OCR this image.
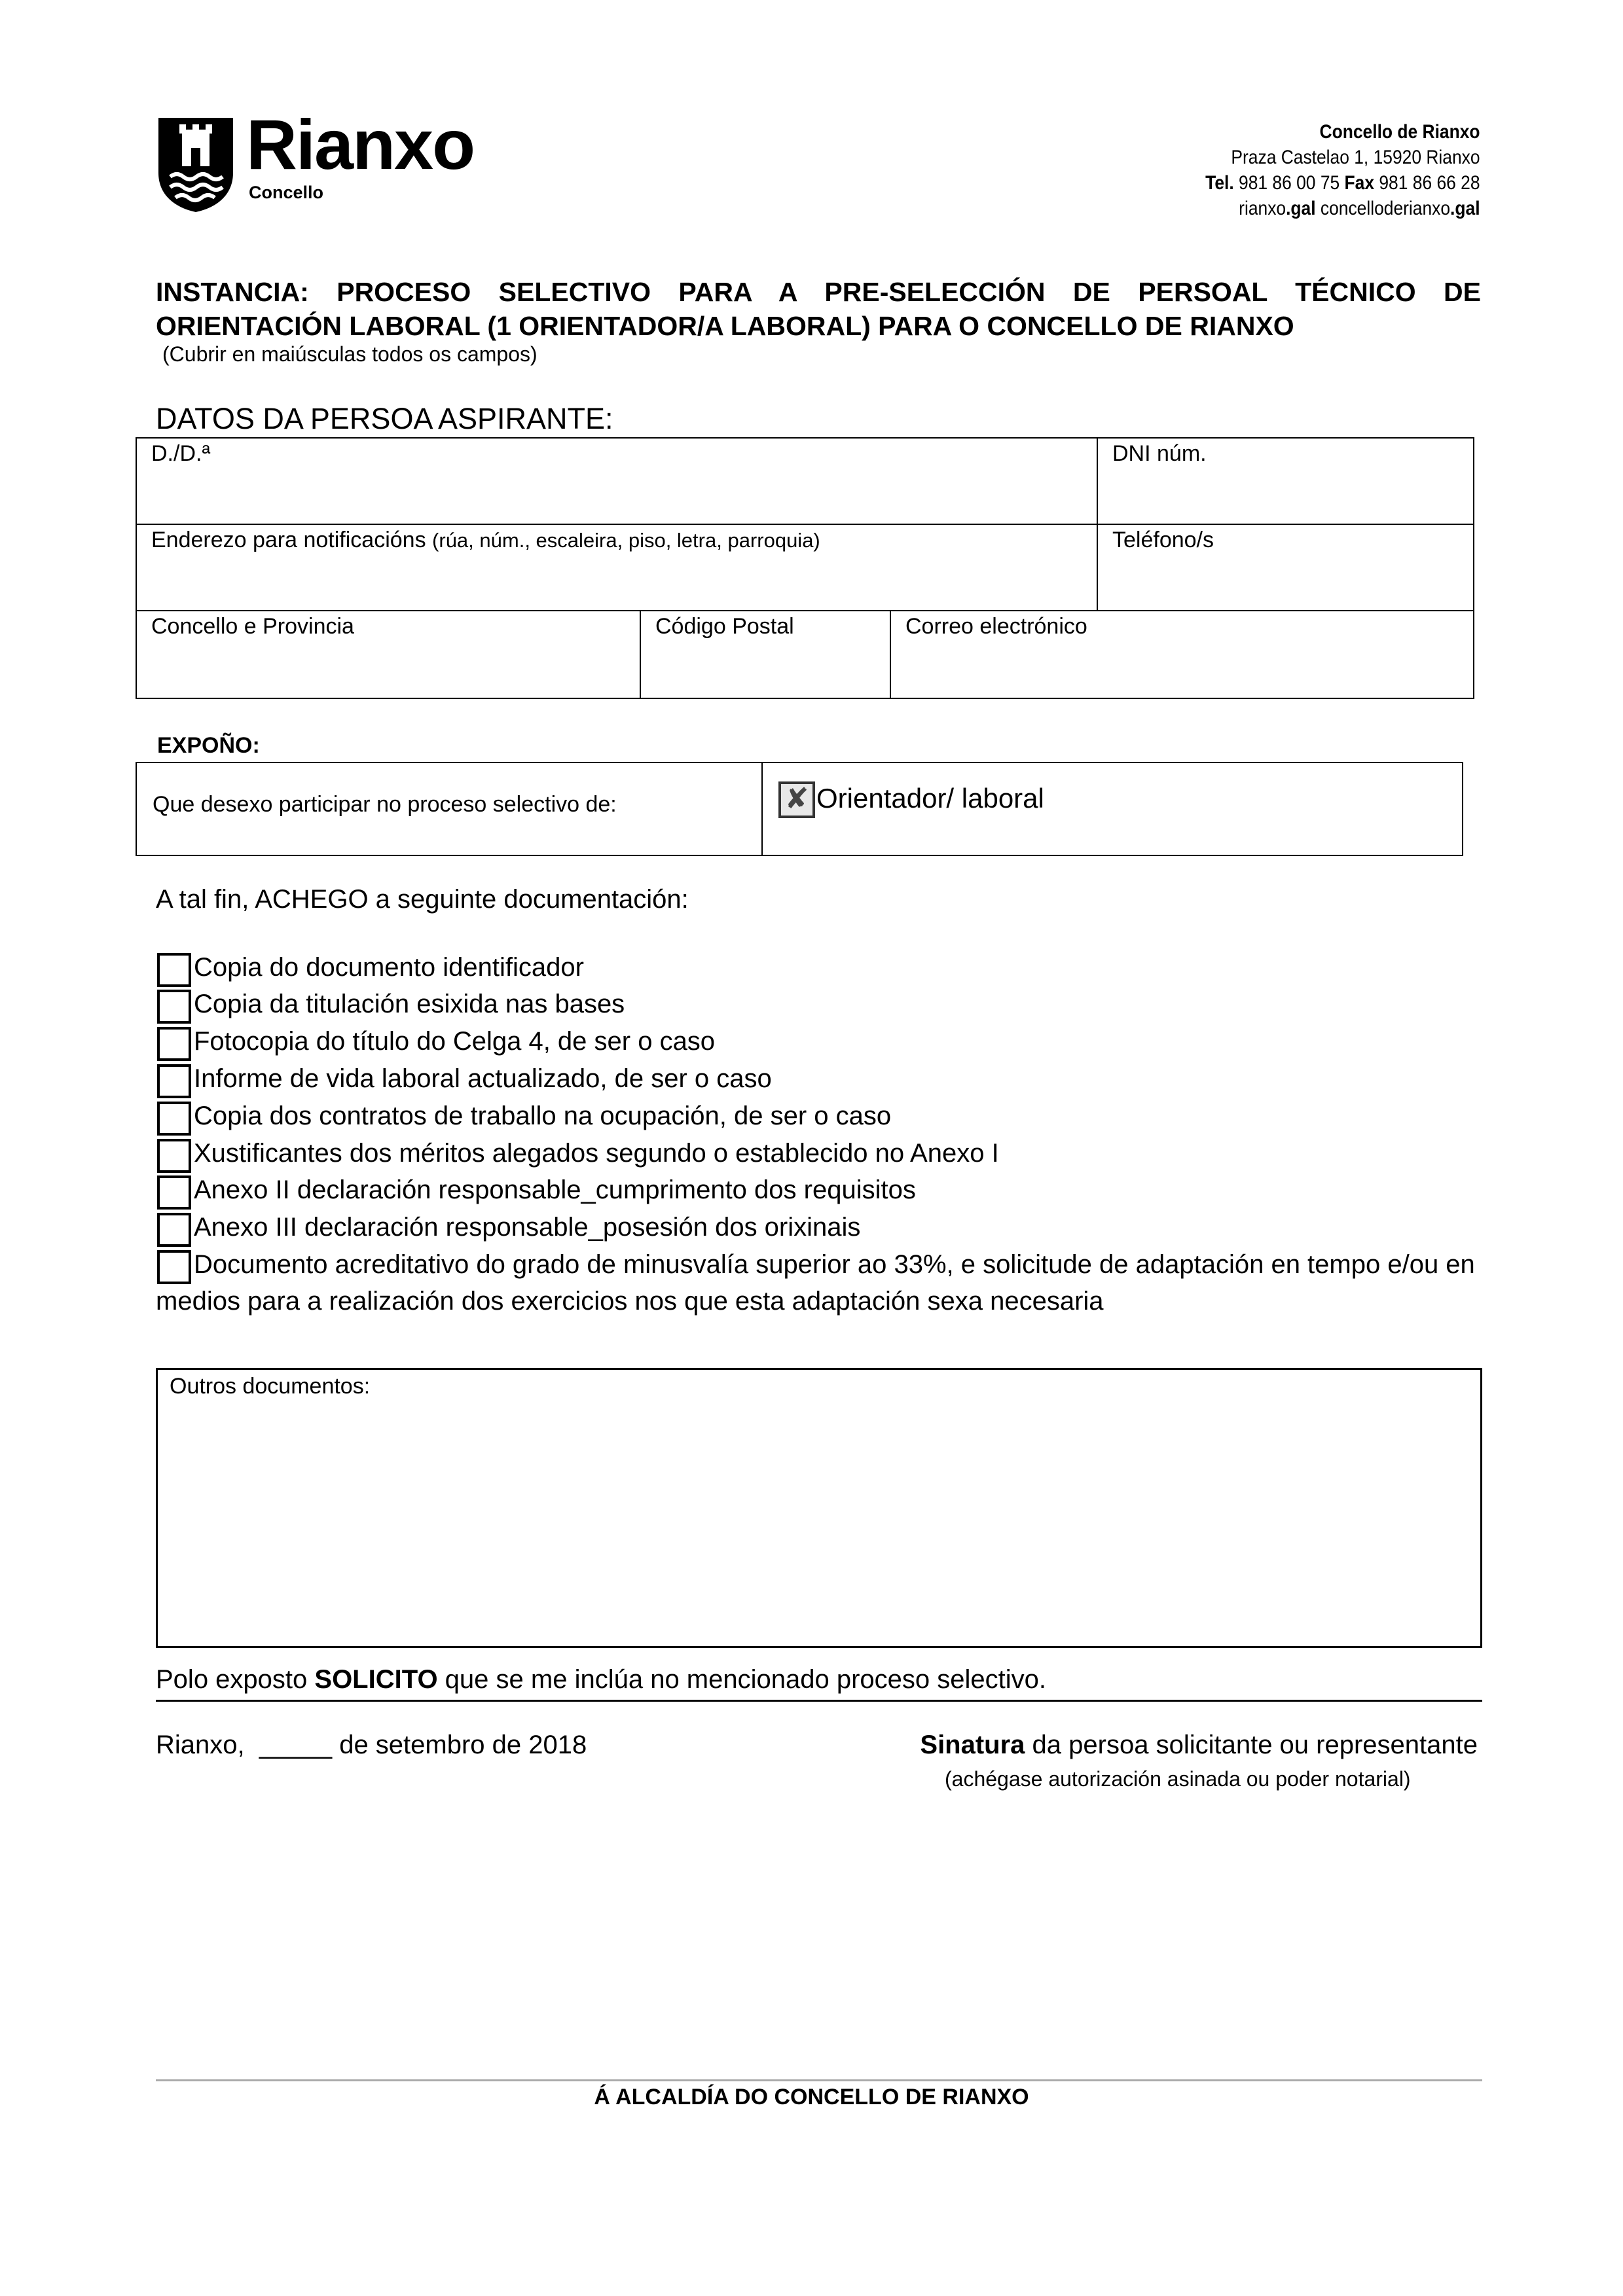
Rianxo
Concello
Concello de Rianxo
Praza Castelao 1, 15920 Rianxo
Tel. 981 86 00 75 Fax 981 86 66 28
rianxo.gal concelloderianxo.gal
INSTANCIA: PROCESO SELECTIVO PARA A PRE-SELECCIÓN DE PERSOAL TÉCNICO DE ORIENTACIÓN LABORAL (1 ORIENTADOR/A LABORAL) PARA O CONCELLO DE RIANXO
(Cubrir en maiúsculas todos os campos)
DATOS DA PERSOA ASPIRANTE:
D./D.ª	DNI núm.
Enderezo para notificacións (rúa, núm., escaleira, piso, letra, parroquia)	Teléfono/s
Concello e Provincia	Código Postal	Correo electrónico
EXPOÑO:
Que desexo participar no proceso selectivo de:	✘ Orientador/ laboral
A tal fin, ACHEGO a seguinte documentación:
Copia do documento identificador
Copia da titulación esixida nas bases
Fotocopia do título do Celga 4, de ser o caso
Informe de vida laboral actualizado, de ser o caso
Copia dos contratos de traballo na ocupación, de ser o caso
Xustificantes dos méritos alegados segundo o establecido no Anexo I
Anexo II declaración responsable_cumprimento dos requisitos
Anexo III declaración responsable_posesión dos orixinais
Documento acreditativo do grado de minusvalía superior ao 33%, e solicitude de adaptación en tempo e/ou en
medios para a realización dos exercicios nos que esta adaptación sexa necesaria
Outros documentos:
Polo exposto SOLICITO que se me inclúa no mencionado proceso selectivo.
Rianxo,  _____ de setembro de 2018	Sinatura da persoa solicitante ou representante
(achégase autorización asinada ou poder notarial)
Á ALCALDÍA DO CONCELLO DE RIANXO
